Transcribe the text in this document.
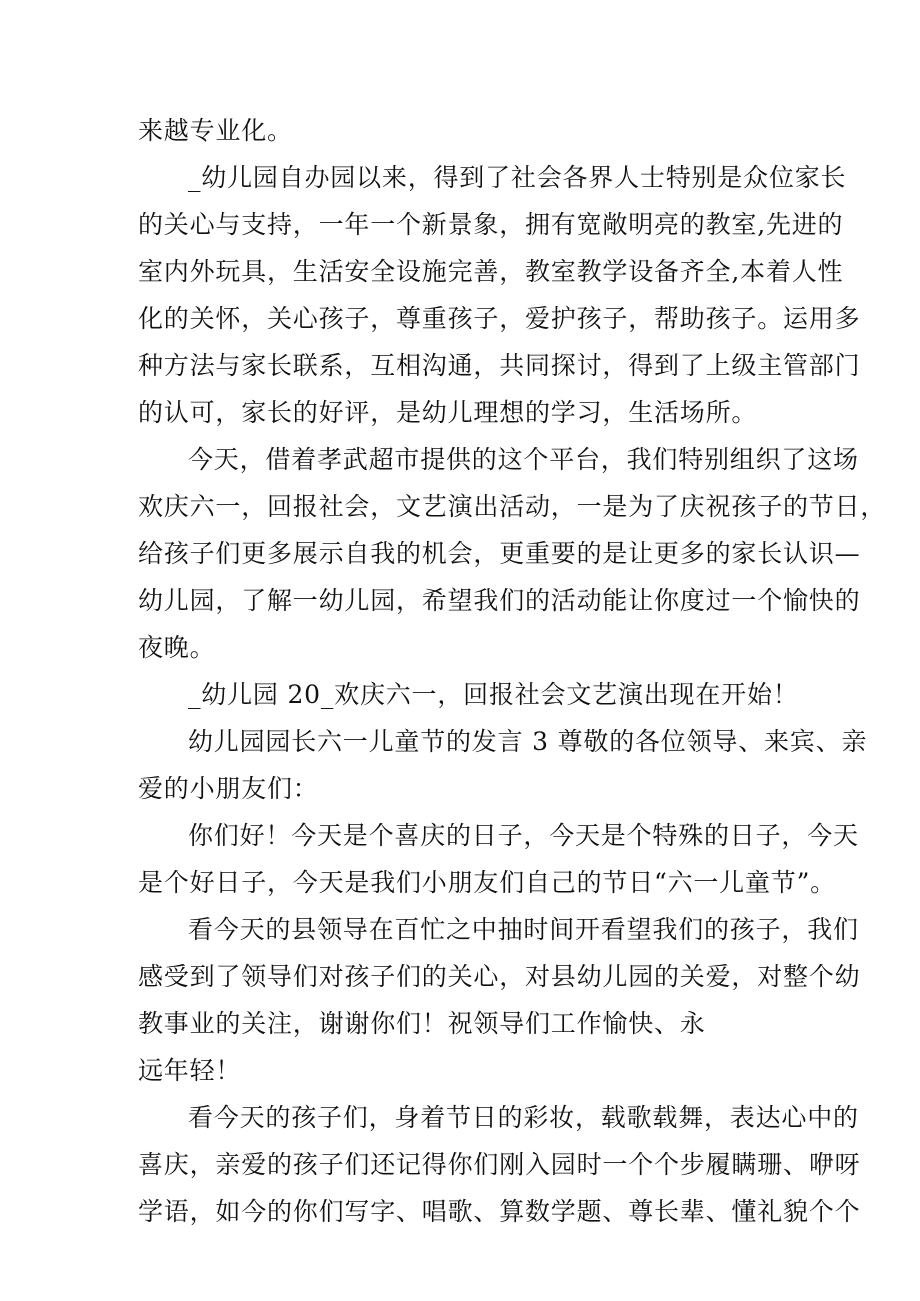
来越专业化。
_幼儿园自办园以来，得到了社会各界人士特别是众位家长
的关心与支持，一年一个新景象，拥有宽敞明亮的教室,先进的
室内外玩具，生活安全设施完善，教室教学设备齐全,本着人性
化的关怀，关心孩子，尊重孩子，爱护孩子，帮助孩子。运用多
种方法与家长联系，互相沟通，共同探讨，得到了上级主管部门
的认可，家长的好评，是幼儿理想的学习，生活场所。
今天，借着孝武超市提供的这个平台，我们特别组织了这场
欢庆六一，回报社会，文艺演出活动，一是为了庆祝孩子的节日，
给孩子们更多展示自我的机会，更重要的是让更多的家长认识—
幼儿园，了解一幼儿园，希望我们的活动能让你度过一个愉快的
夜晚。
_幼儿园 20_欢庆六一，回报社会文艺演出现在开始！
幼儿园园长六一儿童节的发言 3 尊敬的各位领导、来宾、亲
爱的小朋友们：
你们好！今天是个喜庆的日子，今天是个特殊的日子，今天
是个好日子，今天是我们小朋友们自己的节日“六一儿童节”。
看今天的县领导在百忙之中抽时间开看望我们的孩子，我们
感受到了领导们对孩子们的关心，对县幼儿园的关爱，对整个幼
教事业的关注，谢谢你们！祝领导们工作愉快、永
远年轻！
看今天的孩子们，身着节日的彩妆，载歌载舞，表达心中的
喜庆，亲爱的孩子们还记得你们刚入园时一个个步履瞒珊、咿呀
学语，如今的你们写字、唱歌、算数学题、尊长辈、懂礼貌个个
